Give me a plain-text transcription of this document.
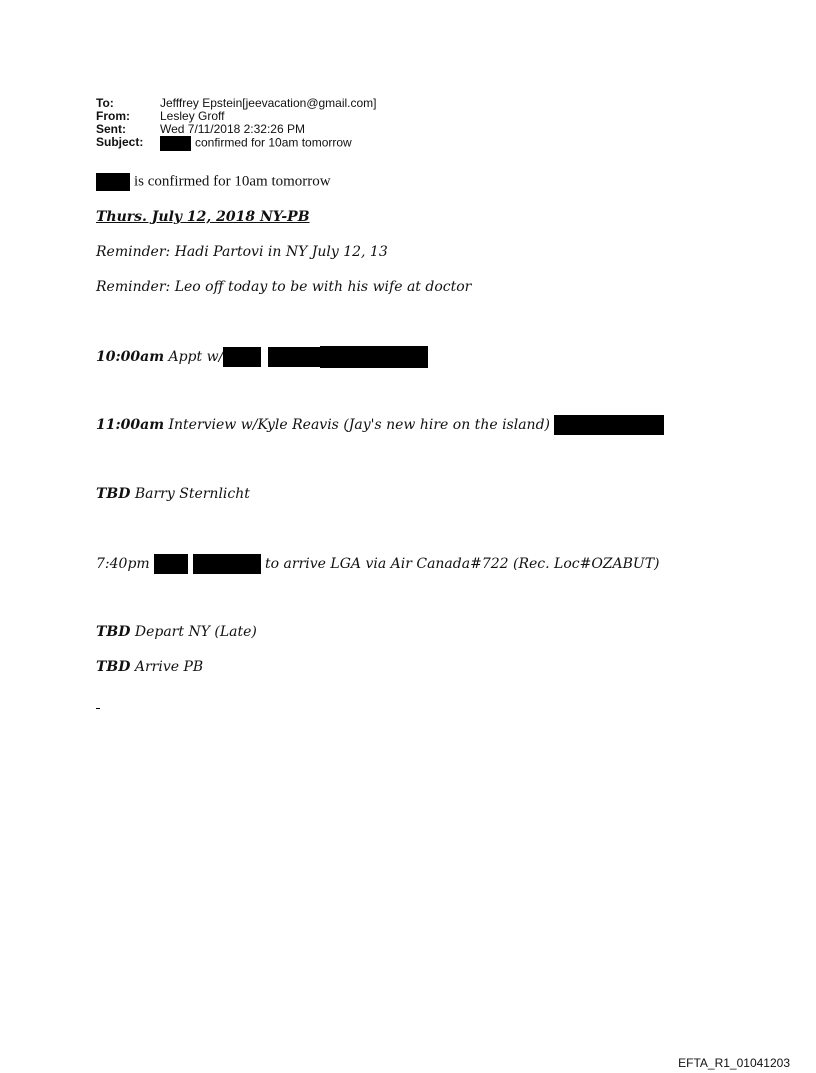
To:	Jefffrey Epstein[jeevacation@gmail.com]
From:	Lesley Groff
Sent:	Wed 7/11/2018 2:32:26 PM
Subject:	confirmed for 10am tomorrow
is confirmed for 10am tomorrow
Thurs. July 12, 2018 NY-PB
Reminder: Hadi Partovi in NY July 12, 13
Reminder: Leo off today to be with his wife at doctor
10:00am Appt w/
11:00am Interview w/Kyle Reavis (Jay's new hire on the island)
TBD Barry Sternlicht
7:40pm	to arrive LGA via Air Canada#722 (Rec. Loc#OZABUT)
TBD Depart NY (Late)
TBD Arrive PB
EFTA_R1_01041203
